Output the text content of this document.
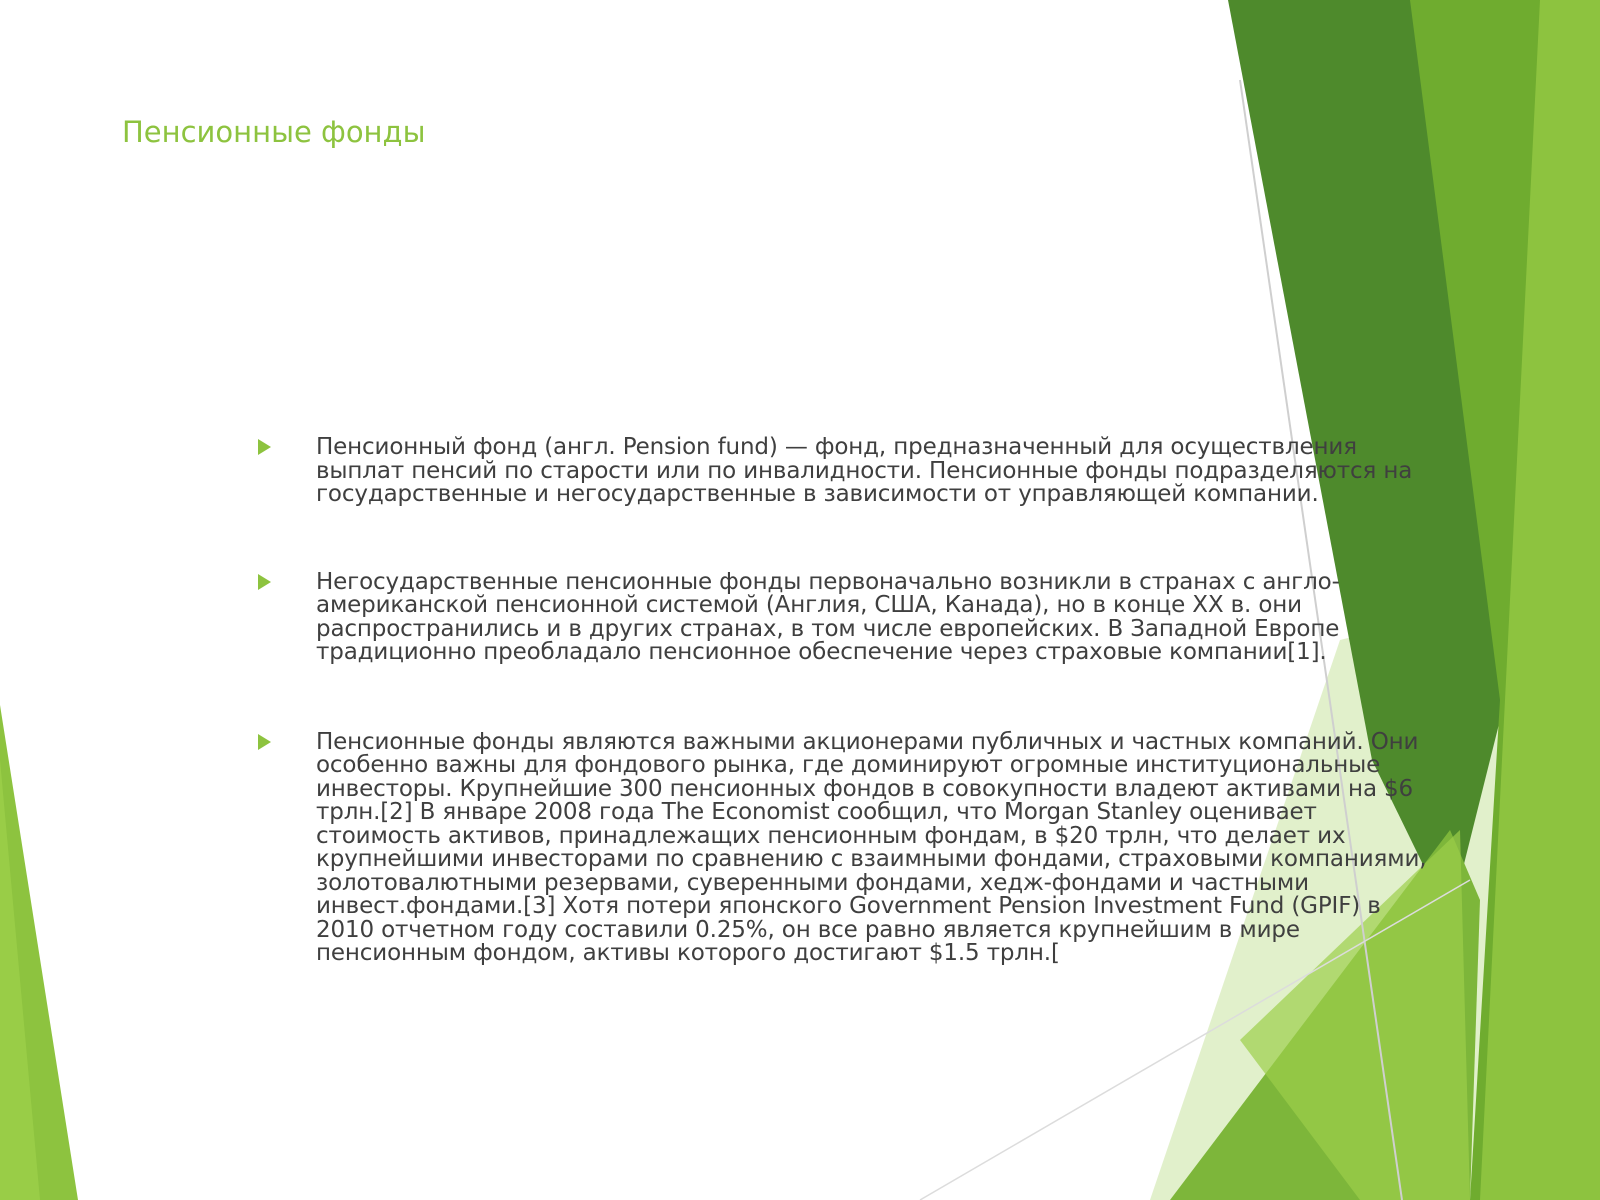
Пенсионные фонды
Пенсионный фонд (англ. Pension fund) — фонд, предназначенный для осуществления выплат пенсий по старости или по инвалидности. Пенсионные фонды подразделяются на государственные и негосударственные в зависимости от управляющей компании.
Негосударственные пенсионные фонды первоначально возникли в странах с англо-американской пенсионной системой (Англия, США, Канада), но в конце XX в. они распространились и в других странах, в том числе европейских. В Западной Европе традиционно преобладало пенсионное обеспечение через страховые компании[1].
Пенсионные фонды являются важными акционерами публичных и частных компаний. Они особенно важны для фондового рынка, где доминируют огромные институциональные инвесторы. Крупнейшие 300 пенсионных фондов в совокупности владеют активами на $6 трлн.[2] В январе 2008 года The Economist сообщил, что Morgan Stanley оценивает стоимость активов, принадлежащих пенсионным фондам, в $20 трлн, что делает их крупнейшими инвесторами по сравнению с взаимными фондами, страховыми компаниями, золотовалютными резервами, суверенными фондами, хедж-фондами и частными инвест.фондами.[3] Хотя потери японского Government Pension Investment Fund (GPIF) в 2010 отчетном году составили 0.25%, он все равно является крупнейшим в мире пенсионным фондом, активы которого достигают $1.5 трлн.[
